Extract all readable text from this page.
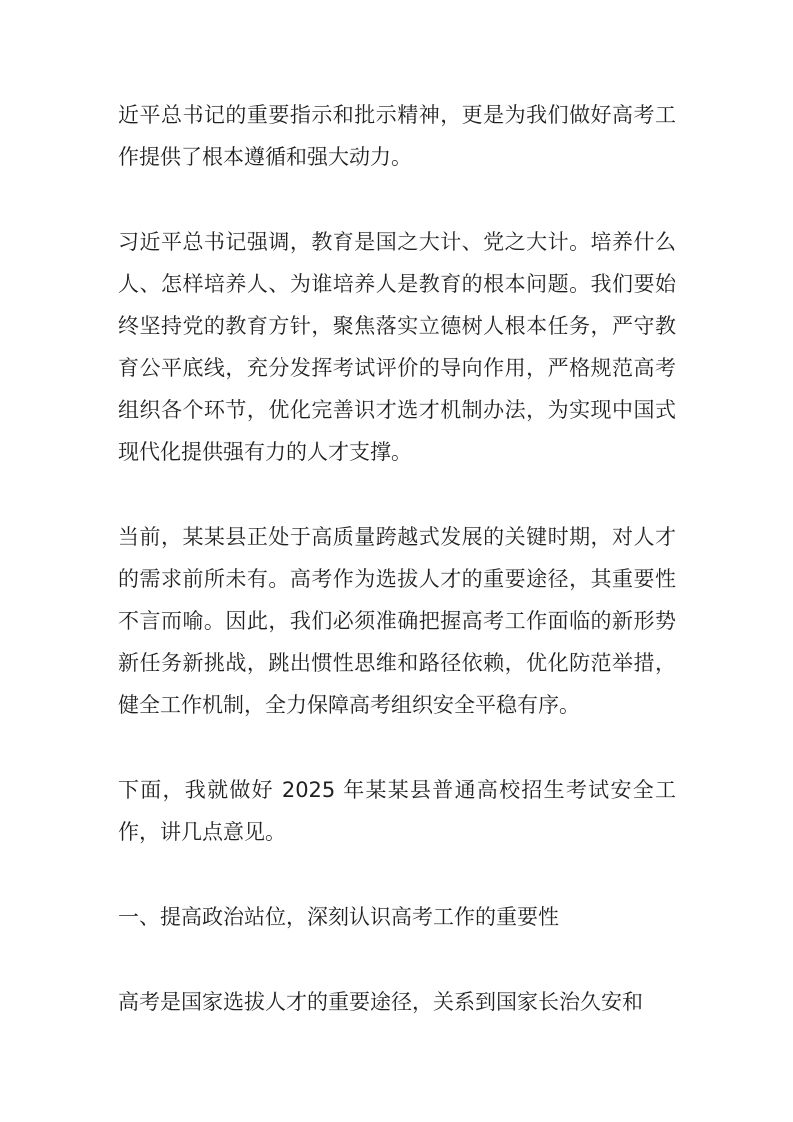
近平总书记的重要指示和批示精神，更是为我们做好高考工作提供了根本遵循和强大动力。

习近平总书记强调，教育是国之大计、党之大计。培养什么人、怎样培养人、为谁培养人是教育的根本问题。我们要始终坚持党的教育方针，聚焦落实立德树人根本任务，严守教育公平底线，充分发挥考试评价的导向作用，严格规范高考组织各个环节，优化完善识才选才机制办法，为实现中国式现代化提供强有力的人才支撑。

当前，某某县正处于高质量跨越式发展的关键时期，对人才的需求前所未有。高考作为选拔人才的重要途径，其重要性不言而喻。因此，我们必须准确把握高考工作面临的新形势新任务新挑战，跳出惯性思维和路径依赖，优化防范举措，健全工作机制，全力保障高考组织安全平稳有序。

下面，我就做好 2025 年某某县普通高校招生考试安全工作，讲几点意见。

一、提高政治站位，深刻认识高考工作的重要性

高考是国家选拔人才的重要途径，关系到国家长治久安和
